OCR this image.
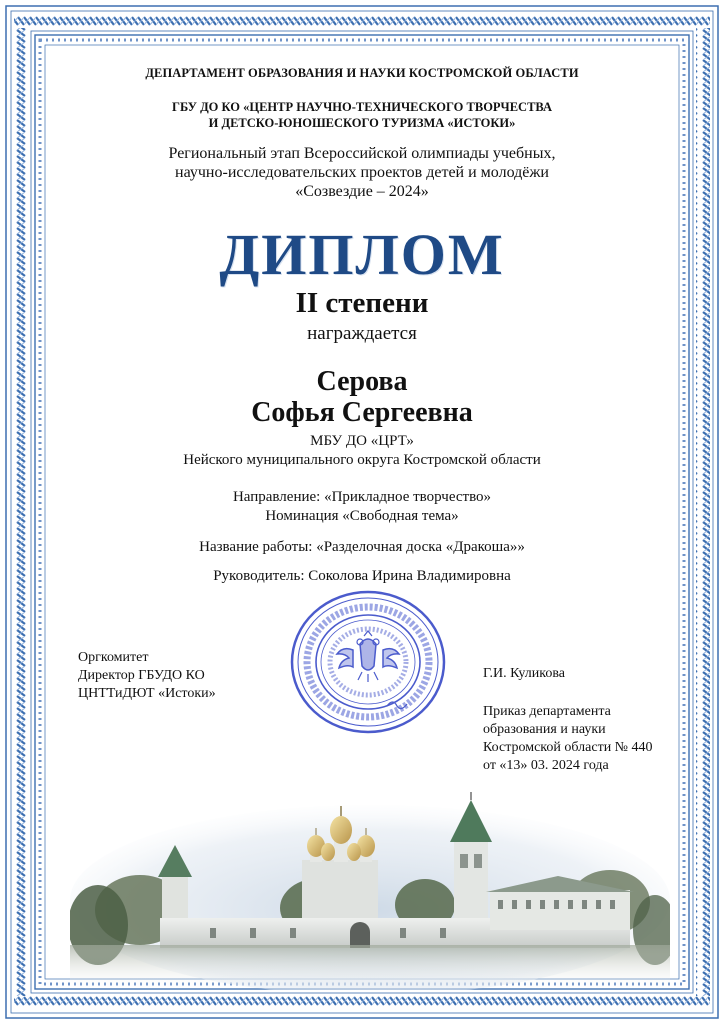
ДЕПАРТАМЕНТ ОБРАЗОВАНИЯ И НАУКИ КОСТРОМСКОЙ ОБЛАСТИ
ГБУ ДО КО «ЦЕНТР НАУЧНО-ТЕХНИЧЕСКОГО ТВОРЧЕСТВА
И ДЕТСКО-ЮНОШЕСКОГО ТУРИЗМА «ИСТОКИ»
Региональный этап Всероссийской олимпиады учебных,
научно-исследовательских проектов детей и молодёжи
«Созвездие – 2024»
ДИПЛОМ
II степени
награждается
Серова
Софья Сергеевна
МБУ ДО «ЦРТ»
Нейского муниципального округа Костромской области
Направление: «Прикладное творчество»
Номинация «Свободная тема»
Название работы: «Разделочная доска «Дракоша»»
Руководитель: Соколова Ирина Владимировна
Оргкомитет
Директор ГБУДО КО
ЦНТТиДЮТ «Истоки»
Г.И. Куликова
Приказ департамента
образования и науки
Костромской области № 440
от «13» 03. 2024 года
